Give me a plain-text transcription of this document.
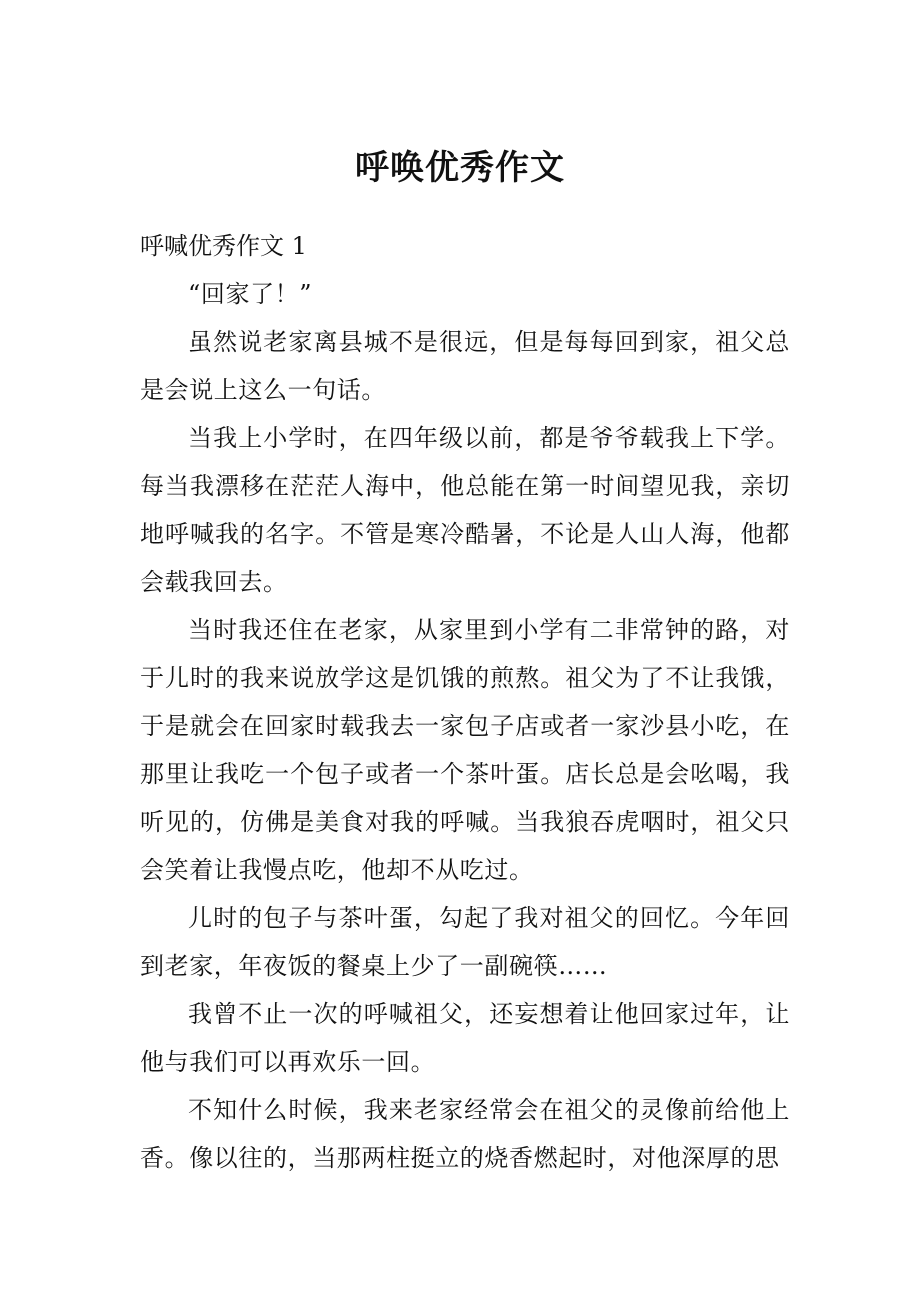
呼唤优秀作文

呼喊优秀作文 1

“回家了！”

虽然说老家离县城不是很远，但是每每回到家，祖父总是会说上这么一句话。

当我上小学时，在四年级以前，都是爷爷载我上下学。每当我漂移在茫茫人海中，他总能在第一时间望见我，亲切地呼喊我的名字。不管是寒冷酷暑，不论是人山人海，他都会载我回去。

当时我还住在老家，从家里到小学有二非常钟的路，对于儿时的我来说放学这是饥饿的煎熬。祖父为了不让我饿，于是就会在回家时载我去一家包子店或者一家沙县小吃，在那里让我吃一个包子或者一个茶叶蛋。店长总是会吆喝，我听见的，仿佛是美食对我的呼喊。当我狼吞虎咽时，祖父只会笑着让我慢点吃，他却不从吃过。

儿时的包子与茶叶蛋，勾起了我对祖父的回忆。今年回到老家，年夜饭的餐桌上少了一副碗筷……

我曾不止一次的呼喊祖父，还妄想着让他回家过年，让他与我们可以再欢乐一回。

不知什么时候，我来老家经常会在祖父的灵像前给他上香。像以往的，当那两柱挺立的烧香燃起时，对他深厚的思
